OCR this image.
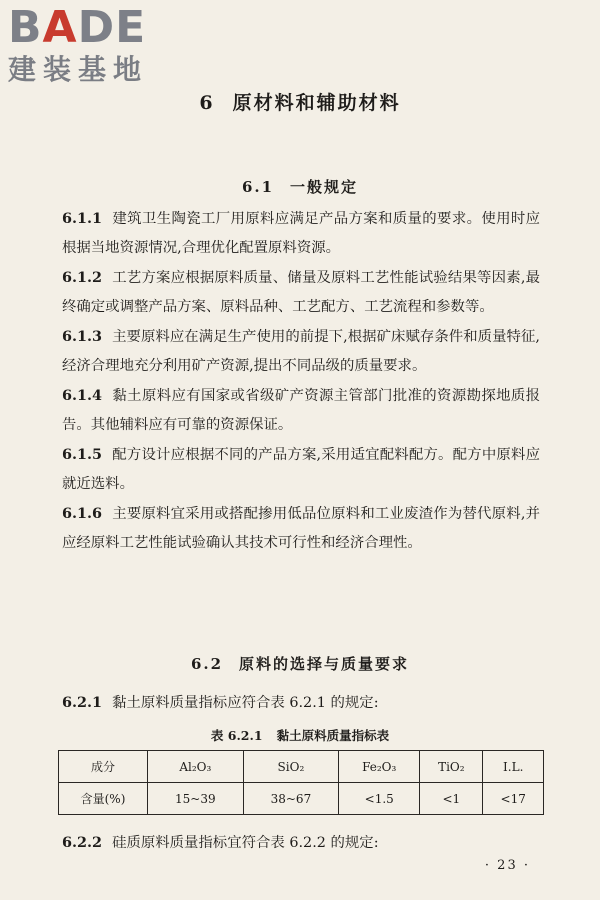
BADE
建装基地
6 原材料和辅助材料
6.1 一般规定

6.1.1 建筑卫生陶瓷工厂用原料应满足产品方案和质量的要求。使用时应根据当地资源情况,合理优化配置原料资源。

6.1.2 工艺方案应根据原料质量、储量及原料工艺性能试验结果等因素,最终确定或调整产品方案、原料品种、工艺配方、工艺流程和参数等。

6.1.3 主要原料应在满足生产使用的前提下,根据矿床赋存条件和质量特征,经济合理地充分利用矿产资源,提出不同品级的质量要求。

6.1.4 黏土原料应有国家或省级矿产资源主管部门批准的资源勘探地质报告。其他辅料应有可靠的资源保证。

6.1.5 配方设计应根据不同的产品方案,采用适宜配料配方。配方中原料应就近选料。

6.1.6 主要原料宜采用或搭配掺用低品位原料和工业废渣作为替代原料,并应经原料工艺性能试验确认其技术可行性和经济合理性。

6.2 原料的选择与质量要求

6.2.1 黏土原料质量指标应符合表 6.2.1 的规定:

表 6.2.1 黏土原料质量指标表
成分	Al₂O₃	SiO₂	Fe₂O₃	TiO₂	I.L.
含量(%)	15~39	38~67	<1.5	<1	<17

6.2.2 硅质原料质量指标宜符合表 6.2.2 的规定:

· 23 ·
